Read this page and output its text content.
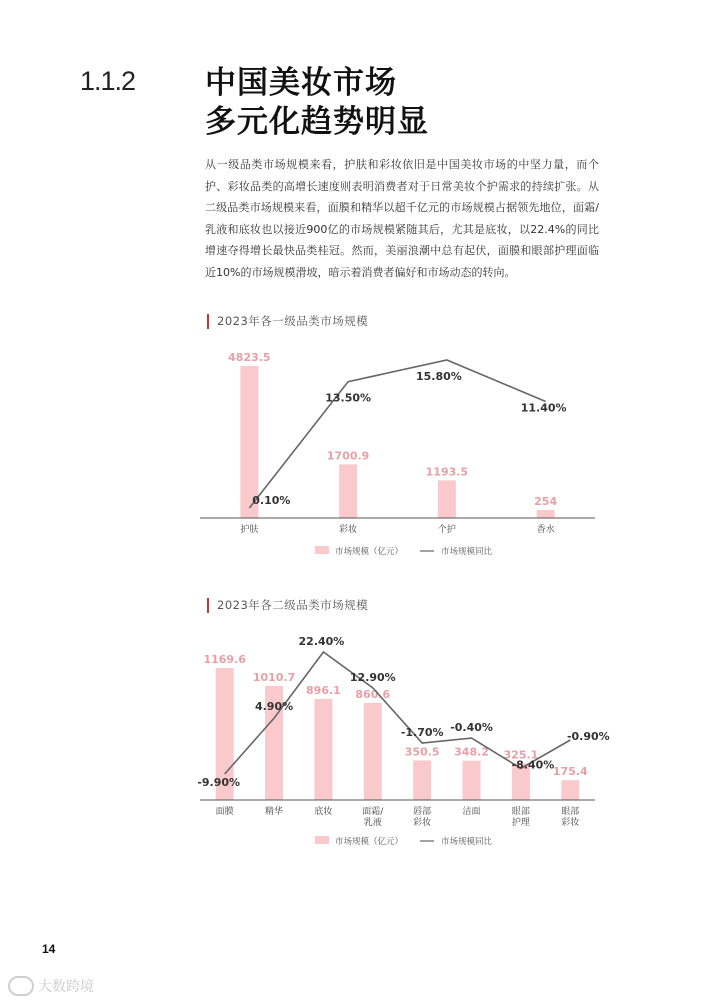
1.1.2 中国美妆市场
多元化趋势明显

从一级品类市场规模来看，护肤和彩妆依旧是中国美妆市场的中坚力量，而个护、彩妆品类的高增长速度则表明消费者对于日常美妆个护需求的持续扩张。从二级品类市场规模来看，面膜和精华以超千亿元的市场规模占据领先地位，面霜/乳液和底妆也以接近900亿的市场规模紧随其后，尤其是底妆，以22.4%的同比增速夺得增长最快品类桂冠。然而，美丽浪潮中总有起伏，面膜和眼部护理面临近10%的市场规模滑坡，暗示着消费者偏好和市场动态的转向。

2023年各一级品类市场规模
4823.5
1700.9
1193.5
254
护肤	彩妆	个护	香水
0.10%
13.50%
15.80%
11.40%
市场规模（亿元）	市场规模同比
2023年各二级品类市场规模
1169.6
1010.7
896.1 860.6
350.5 348.2 325.1
175.4
面膜	精华	底妆	面霜/乳液
唇部彩妆
洁面	眼部护理
眼部彩妆
-9.90%
4.90%
22.40%
12.90%
-1.70% -0.40%
-8.40%
-0.90%
市场规模（亿元）	市场规模同比
14
大数跨境
